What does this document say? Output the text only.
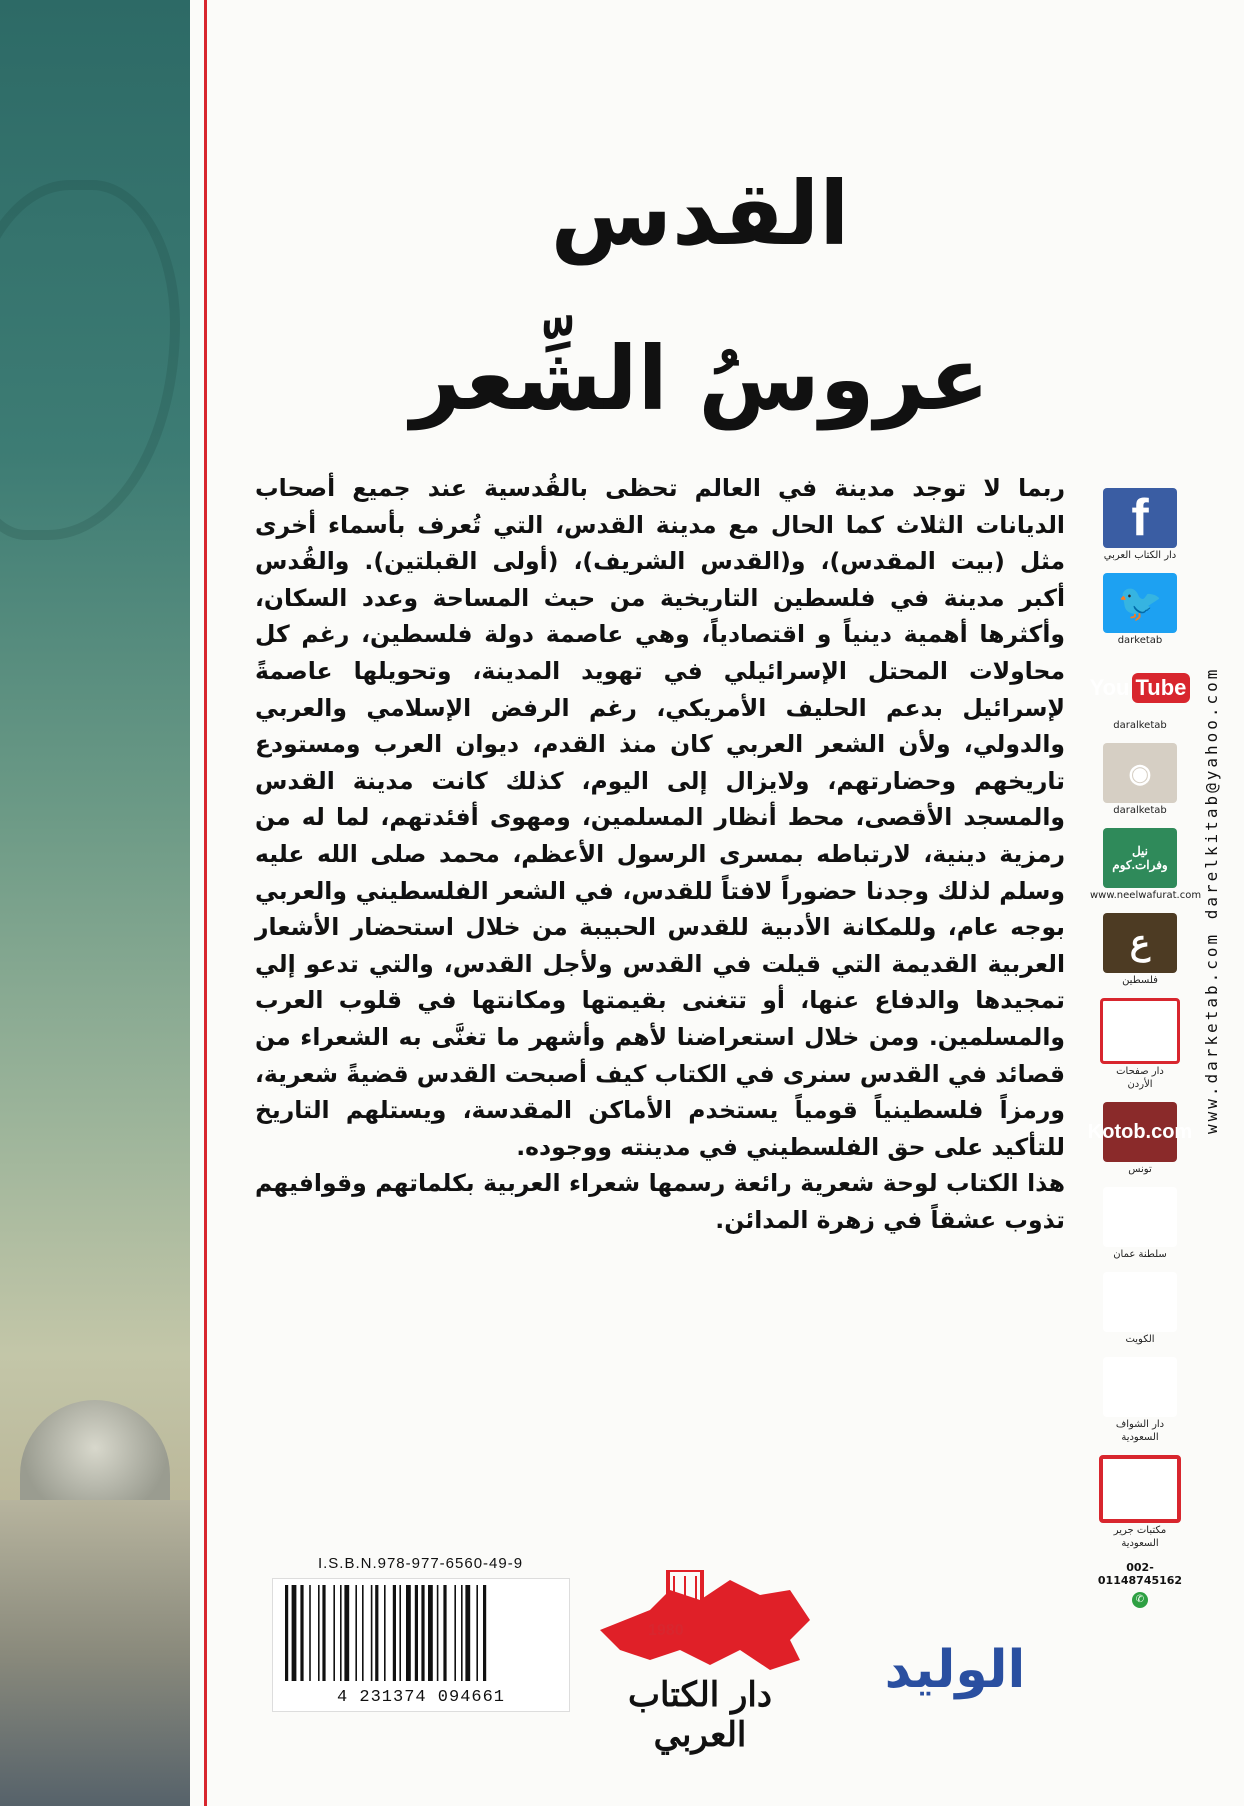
القدس
عروسُ الشِّعر

ربما لا توجد مدينة في العالم تحظى بالقُدسية عند جميع أصحاب الديانات الثلاث كما الحال مع مدينة القدس، التي تُعرف بأسماء أخرى مثل (بيت المقدس)، و(القدس الشريف)، (أولى القبلتين). والقُدس أكبر مدينة في فلسطين التاريخية من حيث المساحة وعدد السكان، وأكثرها أهمية دينياً و اقتصادياً، وهي عاصمة دولة فلسطين، رغم كل محاولات المحتل الإسرائيلي في تهويد المدينة، وتحويلها عاصمةً لإسرائيل بدعم الحليف الأمريكي، رغم الرفض الإسلامي والعربي والدولي، ولأن الشعر العربي كان منذ القدم، ديوان العرب ومستودع تاريخهم وحضارتهم، ولايزال إلى اليوم، كذلك كانت مدينة القدس والمسجد الأقصى، محط أنظار المسلمين، ومهوى أفئدتهم، لما له من رمزية دينية، لارتباطه بمسرى الرسول الأعظم، محمد صلى الله عليه وسلم لذلك وجدنا حضوراً لافتاً للقدس، في الشعر الفلسطيني والعربي بوجه عام، وللمكانة الأدبية للقدس الحبيبة من خلال استحضار الأشعار العربية القديمة التي قيلت في القدس ولأجل القدس، والتي تدعو إلي تمجيدها والدفاع عنها، أو تتغنى بقيمتها ومكانتها في قلوب العرب والمسلمين. ومن خلال استعراضنا لأهم وأشهر ما تغنَّى به الشعراء من قصائد في القدس سنرى في الكتاب كيف أصبحت القدس قضيةً شعرية، ورمزاً فلسطينياً قومياً يستخدم الأماكن المقدسة، ويستلهم التاريخ للتأكيد على حق الفلسطيني في مدينته ووجوده.

هذا الكتاب لوحة شعرية رائعة رسمها شعراء العربية بكلماتهم وقوافيهم تذوب عشقاً في زهرة المدائن.

f
دار الكتاب العربي
🐦
darketab
You Tube
daralketab
◉
daralketab
نيل وفرات.كوم
www.neelwafurat.com
ع
فلسطين
ص
دار صفحات
الأردن
Kotob.com
تونس
مركز فينيق للقرطاسية
سلطنة عمان
That Al Salasil ذات السلاسل
الكويت
✓
دار الشواف
السعودية
T
مكتبات جرير
السعودية
002-01148745162
✆
www.darketab.com darelkitab@yahoo.com
I.S.B.N.978-977-6560-49-9
4 231374 094661
1980
دار الكتاب العربي
الوليد
